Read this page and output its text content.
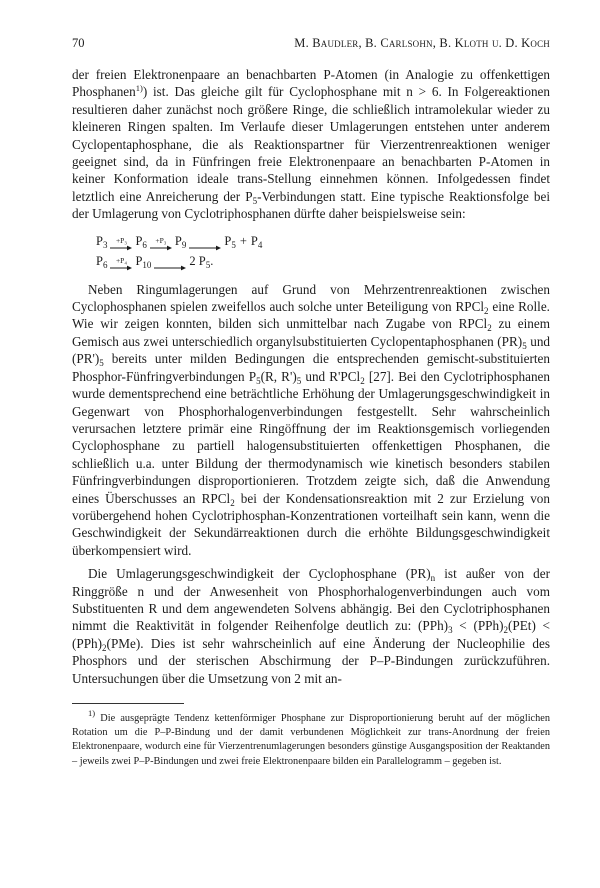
70	M. Baudler, B. Carlsohn, B. Kloth u. D. Koch

der freien Elektronenpaare an benachbarten P-Atomen (in Analogie zu offenkettigen Phosphanen$^{1)}$) ist. Das gleiche gilt für Cyclophosphane mit n > 6. In Folgereaktionen resultieren daher zunächst noch größere Ringe, die schließlich intramolekular wieder zu kleineren Ringen spalten. Im Verlaufe dieser Umlagerungen entstehen unter anderem Cyclopentaphosphane, die als Reaktionspartner für Vierzentrenreaktionen weniger geeignet sind, da in Fünfringen freie Elektronenpaare an benachbarten P-Atomen in keiner Konformation ideale trans-Stellung einnehmen können. Infolgedessen findet letztlich eine Anreicherung der $P_5$-Verbindungen statt. Eine typische Reaktionsfolge bei der Umlagerung von Cyclotriphosphanen dürfte daher beispielsweise sein:

$P_3$
+P₃ $P_6$
+P₃ $P_9 \to P_5 + P_4$
$P_6$
+P₄ $P_{10} \to 2$ $P_5$.

Neben Ringumlagerungen auf Grund von Mehrzentrenreaktionen zwischen Cyclophosphanen spielen zweifellos auch solche unter Beteiligung von RPCl$_2$ eine Rolle. Wie wir zeigen konnten, bilden sich unmittelbar nach Zugabe von RPCl$_2$ zu einem Gemisch aus zwei unterschiedlich organylsubstituierten Cyclopentaphosphanen $(PR)_5$ und $(PR')_5$ bereits unter milden Bedingungen die entsprechenden gemischt-substituierten Phosphor-Fünfringverbindungen $P_5(R$, $R')_5$ und R'PCl$_2$ [27]. Bei den Cyclotriphosphanen wurde dementsprechend eine beträchtliche Erhöhung der Umlagerungsgeschwindigkeit in Gegenwart von Phosphorhalogenverbindungen festgestellt. Sehr wahrscheinlich verursachen letztere primär eine Ringöffnung der im Reaktionsgemisch vorliegenden Cyclophosphane zu partiell halogensubstituierten offenkettigen Phosphanen, die schließlich u.a. unter Bildung der thermodynamisch wie kinetisch besonders stabilen Fünfringverbindungen disproportionieren. Trotzdem zeigte sich, daß die Anwendung eines Überschusses an RPCl$_2$ bei der Kondensationsreaktion mit 2 zur Erzielung von vorübergehend hohen Cyclotriphosphan-Konzentrationen vorteilhaft sein kann, wenn die Geschwindigkeit der Sekundärreaktionen durch die erhöhte Bildungsgeschwindigkeit überkompensiert wird.

Die Umlagerungsgeschwindigkeit der Cyclophosphane $(PR)_n$ ist außer von der Ringgröße n und der Anwesenheit von Phosphorhalogenverbindungen auch vom Substituenten R und dem angewendeten Solvens abhängig. Bei den Cyclotriphosphanen nimmt die Reaktivität in folgender Reihenfolge deutlich zu: $(PPh)_3 < (PPh)_2(PEt) < (PPh)_2(PMe)$. Dies ist sehr wahrscheinlich auf eine Änderung der Nucleophilie des Phosphors und der sterischen Abschirmung der P–P-Bindungen zurückzuführen. Untersuchungen über die Umsetzung von 2 mit an-

$^{1)}$ Die ausgeprägte Tendenz kettenförmiger Phosphane zur Disproportionierung beruht auf der möglichen Rotation um die P–P-Bindung und der damit verbundenen Möglichkeit zur trans-Anordnung der freien Elektronenpaare, wodurch eine für Vierzentrenumlagerungen besonders günstige Ausgangsposition der Reaktanden – jeweils zwei P–P-Bindungen und zwei freie Elektronenpaare bilden ein Parallelogramm – gegeben ist.
